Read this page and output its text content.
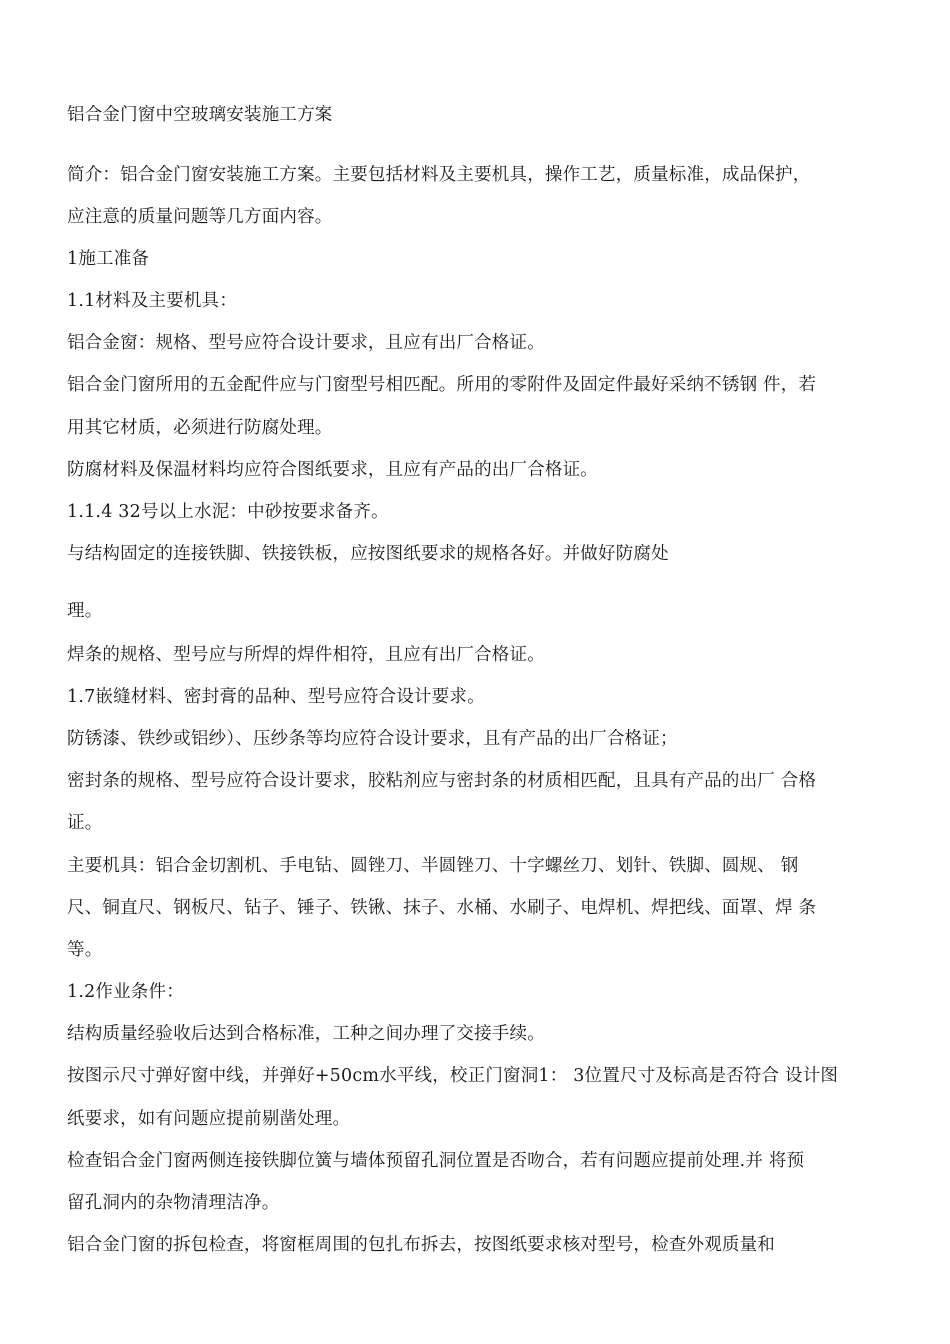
铝合金门窗中空玻璃安装施工方案
简介：铝合金门窗安装施工方案。主要包括材料及主要机具，操作工艺，质量标准，成品保护，
应注意的质量问题等几方面内容。
1施工准备
1.1材料及主要机具：
铝合金窗：规格、型号应符合设计要求，且应有出厂合格证。
铝合金门窗所用的五金配件应与门窗型号相匹配。所用的零附件及固定件最好采纳不锈钢 件，若
用其它材质，必须进行防腐处理。
防腐材料及保温材料均应符合图纸要求，且应有产品的出厂合格证。
1.1.4 32号以上水泥：中砂按要求备齐。
与结构固定的连接铁脚、铁接铁板，应按图纸要求的规格各好。并做好防腐处
理。
焊条的规格、型号应与所焊的焊件相符，且应有出厂合格证。
1.7嵌缝材料、密封膏的品种、型号应符合设计要求。
防锈漆、铁纱或铝纱）、压纱条等均应符合设计要求，且有产品的出厂合格证；
密封条的规格、型号应符合设计要求，胶粘剂应与密封条的材质相匹配，且具有产品的出厂 合格
证。
主要机具：铝合金切割机、手电钻、圆锉刀、半圆锉刀、十字螺丝刀、划针、铁脚、圆规、 钢
尺、铜直尺、钢板尺、钻子、锤子、铁锹、抹子、水桶、水刷子、电焊机、焊把线、面罩、焊 条
等。
1.2作业条件：
结构质量经验收后达到合格标准，工种之间办理了交接手续。
按图示尺寸弹好窗中线，并弹好+50cm水平线，校正门窗洞1： 3位置尺寸及标高是否符合 设计图
纸要求，如有问题应提前剔凿处理。
检查铝合金门窗两侧连接铁脚位簧与墙体预留孔洞位置是否吻合，若有问题应提前处理.并 将预
留孔洞内的杂物清理洁净。
铝合金门窗的拆包检查，将窗框周围的包扎布拆去，按图纸要求核对型号，检查外观质量和
